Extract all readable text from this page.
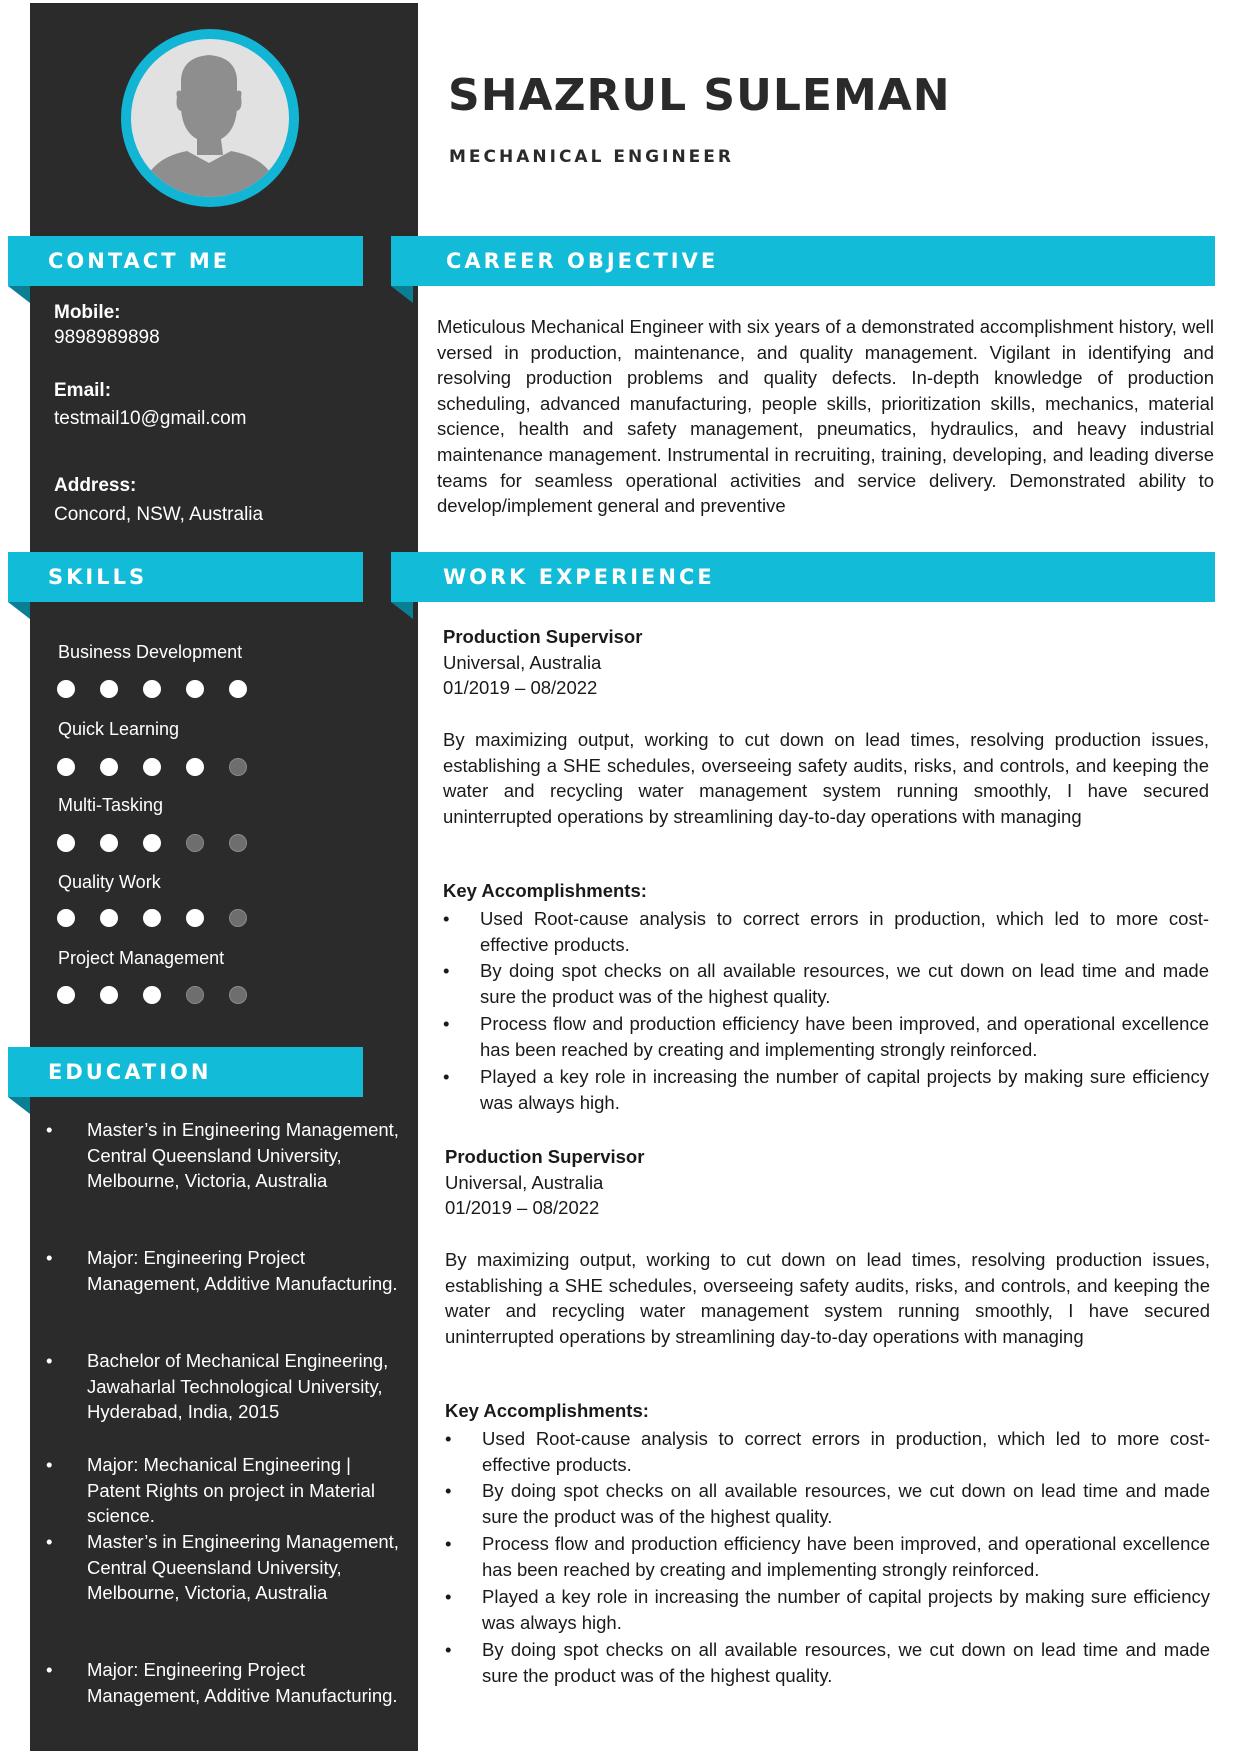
SHAZRUL SULEMAN
MECHANICAL ENGINEER
CONTACT ME
Mobile:
9898989898
Email:
testmail10@gmail.com
Address:
Concord, NSW, Australia
SKILLS
Business Development
Quick Learning
Multi-Tasking
Quality Work
Project Management
EDUCATION
• Master’s in Engineering Management, Central Queensland University, Melbourne, Victoria, Australia
• Major: Engineering Project Management, Additive Manufacturing.
• Bachelor of Mechanical Engineering, Jawaharlal Technological University, Hyderabad, India, 2015
• Major: Mechanical Engineering | Patent Rights on project in Material science.
• Master’s in Engineering Management, Central Queensland University, Melbourne, Victoria, Australia
• Major: Engineering Project Management, Additive Manufacturing.
CAREER OBJECTIVE
Meticulous Mechanical Engineer with six years of a demonstrated accomplishment history, well versed in production, maintenance, and quality management. Vigilant in identifying and resolving production problems and quality defects. In-depth knowledge of production scheduling, advanced manufacturing, people skills, prioritization skills, mechanics, material science, health and safety management, pneumatics, hydraulics, and heavy industrial maintenance management. Instrumental in recruiting, training, developing, and leading diverse teams for seamless operational activities and service delivery. Demonstrated ability to develop/implement general and preventive
WORK EXPERIENCE
Production Supervisor
Universal, Australia
01/2019 – 08/2022
By maximizing output, working to cut down on lead times, resolving production issues, establishing a SHE schedules, overseeing safety audits, risks, and controls, and keeping the water and recycling water management system running smoothly, I have secured uninterrupted operations by streamlining day-to-day operations with managing
Key Accomplishments:
• Used Root-cause analysis to correct errors in production, which led to more cost-effective products.
• By doing spot checks on all available resources, we cut down on lead time and made sure the product was of the highest quality.
• Process flow and production efficiency have been improved, and operational excellence has been reached by creating and implementing strongly reinforced.
• Played a key role in increasing the number of capital projects by making sure efficiency was always high.
Production Supervisor
Universal, Australia
01/2019 – 08/2022
By maximizing output, working to cut down on lead times, resolving production issues, establishing a SHE schedules, overseeing safety audits, risks, and controls, and keeping the water and recycling water management system running smoothly, I have secured uninterrupted operations by streamlining day-to-day operations with managing
Key Accomplishments:
• Used Root-cause analysis to correct errors in production, which led to more cost-effective products.
• By doing spot checks on all available resources, we cut down on lead time and made sure the product was of the highest quality.
• Process flow and production efficiency have been improved, and operational excellence has been reached by creating and implementing strongly reinforced.
• Played a key role in increasing the number of capital projects by making sure efficiency was always high.
• By doing spot checks on all available resources, we cut down on lead time and made sure the product was of the highest quality.
